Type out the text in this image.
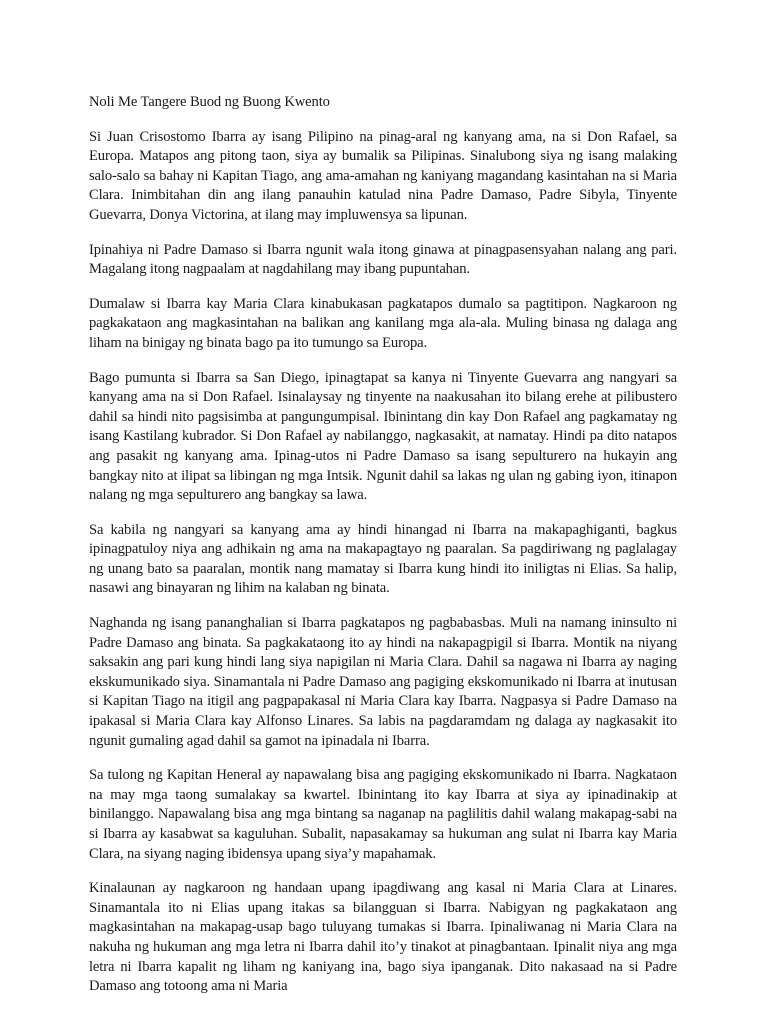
Noli Me Tangere Buod ng Buong Kwento

Si Juan Crisostomo Ibarra ay isang Pilipino na pinag-aral ng kanyang ama, na si Don Rafael, sa Europa. Matapos ang pitong taon, siya ay bumalik sa Pilipinas. Sinalubong siya ng isang malaking salo-salo sa bahay ni Kapitan Tiago, ang ama-amahan ng kaniyang magandang kasintahan na si Maria Clara. Inimbitahan din ang ilang panauhin katulad nina Padre Damaso, Padre Sibyla, Tinyente Guevarra, Donya Victorina, at ilang may impluwensya sa lipunan.

Ipinahiya ni Padre Damaso si Ibarra ngunit wala itong ginawa at pinagpasensyahan nalang ang pari. Magalang itong nagpaalam at nagdahilang may ibang pupuntahan.

Dumalaw si Ibarra kay Maria Clara kinabukasan pagkatapos dumalo sa pagtitipon. Nagkaroon ng pagkakataon ang magkasintahan na balikan ang kanilang mga ala-ala. Muling binasa ng dalaga ang liham na binigay ng binata bago pa ito tumungo sa Europa.

Bago pumunta si Ibarra sa San Diego, ipinagtapat sa kanya ni Tinyente Guevarra ang nangyari sa kanyang ama na si Don Rafael. Isinalaysay ng tinyente na naakusahan ito bilang erehe at pilibustero dahil sa hindi nito pagsisimba at pangungumpisal. Ibinintang din kay Don Rafael ang pagkamatay ng isang Kastilang kubrador. Si Don Rafael ay nabilanggo, nagkasakit, at namatay. Hindi pa dito natapos ang pasakit ng kanyang ama. Ipinag-utos ni Padre Damaso sa isang sepulturero na hukayin ang bangkay nito at ilipat sa libingan ng mga Intsik. Ngunit dahil sa lakas ng ulan ng gabing iyon, itinapon nalang ng mga sepulturero ang bangkay sa lawa.

Sa kabila ng nangyari sa kanyang ama ay hindi hinangad ni Ibarra na makapaghiganti, bagkus ipinagpatuloy niya ang adhikain ng ama na makapagtayo ng paaralan. Sa pagdiriwang ng paglalagay ng unang bato sa paaralan, montik nang mamatay si Ibarra kung hindi ito iniligtas ni Elias. Sa halip, nasawi ang binayaran ng lihim na kalaban ng binata.

Naghanda ng isang pananghalian si Ibarra pagkatapos ng pagbabasbas. Muli na namang ininsulto ni Padre Damaso ang binata. Sa pagkakataong ito ay hindi na nakapagpigil si Ibarra. Montik na niyang saksakin ang pari kung hindi lang siya napigilan ni Maria Clara. Dahil sa nagawa ni Ibarra ay naging ekskumunikado siya. Sinamantala ni Padre Damaso ang pagiging ekskomunikado ni Ibarra at inutusan si Kapitan Tiago na itigil ang pagpapakasal ni Maria Clara kay Ibarra. Nagpasya si Padre Damaso na ipakasal si Maria Clara kay Alfonso Linares. Sa labis na pagdaramdam ng dalaga ay nagkasakit ito ngunit gumaling agad dahil sa gamot na ipinadala ni Ibarra.

Sa tulong ng Kapitan Heneral ay napawalang bisa ang pagiging ekskomunikado ni Ibarra. Nagkataon na may mga taong sumalakay sa kwartel. Ibinintang ito kay Ibarra at siya ay ipinadinakip at binilanggo. Napawalang bisa ang mga bintang sa naganap na paglilitis dahil walang makapag-sabi na si Ibarra ay kasabwat sa kaguluhan. Subalit, napasakamay sa hukuman ang sulat ni Ibarra kay Maria Clara, na siyang naging ibidensya upang siya’y mapahamak.

Kinalaunan ay nagkaroon ng handaan upang ipagdiwang ang kasal ni Maria Clara at Linares. Sinamantala ito ni Elias upang itakas sa bilangguan si Ibarra. Nabigyan ng pagkakataon ang magkasintahan na makapag-usap bago tuluyang tumakas si Ibarra. Ipinaliwanag ni Maria Clara na nakuha ng hukuman ang mga letra ni Ibarra dahil ito’y tinakot at pinagbantaan. Ipinalit niya ang mga letra ni Ibarra kapalit ng liham ng kaniyang ina, bago siya ipanganak. Dito nakasaad na si Padre Damaso ang totoong ama ni Maria
